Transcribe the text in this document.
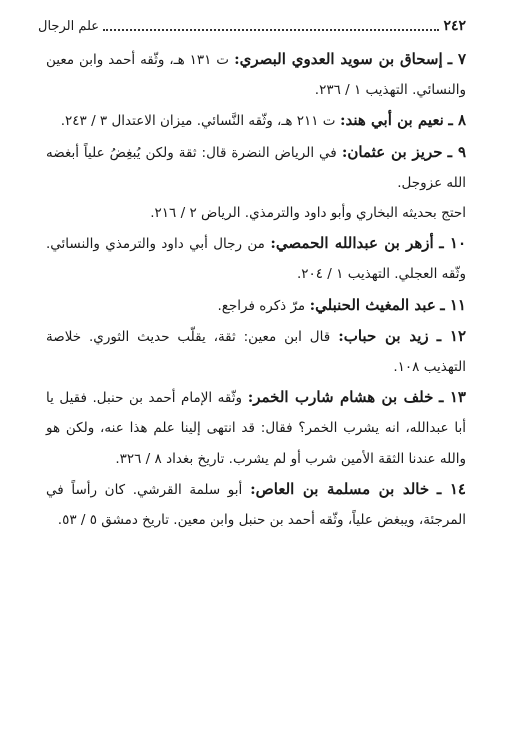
٢٤٢
علم الرجال

٧ ـ إسحاق بن سويد العدوي البصري: ت ١٣١ هـ، وثّقه أحمد وابن معين والنسائي. التهذيب ١ / ٢٣٦.

٨ ـ نعيم بن أبي هند: ت ٢١١ هـ، وثّقه النَّسائي. ميزان الاعتدال ٣ / ٢٤٣.

٩ ـ حريز بن عثمان: في الرياض النضرة قال: ثقة ولكن يُبغِضُ علياً أبغضه الله عزوجل.

احتج بحديثه البخاري وأبو داود والترمذي. الرياض ٢ / ٢١٦.

١٠ ـ أزهر بن عبدالله الحمصي: من رجال أبي داود والترمذي والنسائي. وثّقه العجلي. التهذيب ١ / ٢٠٤.

١١ ـ عبد المغيث الحنبلي: مرّ ذكره فراجع.

١٢ ـ زيد بن حباب: قال ابن معين: ثقة، يقلّب حديث الثوري. خلاصة التهذيب ١٠٨.

١٣ ـ خلف بن هشام شارب الخمر: وثّقه الإمام أحمد بن حنبل. فقيل يا أبا عبدالله، انه يشرب الخمر؟ فقال: قد انتهى إلينا علم هذا عنه، ولكن هو والله عندنا الثقة الأمين شرب أو لم يشرب. تاريخ بغداد ٨ / ٣٢٦.

١٤ ـ خالد بن مسلمة بن العاص: أبو سلمة القرشي. كان رأساً في المرجئة، ويبغض علياً، وثّقه أحمد بن حنبل وابن معين. تاريخ دمشق ٥ / ٥٣.
